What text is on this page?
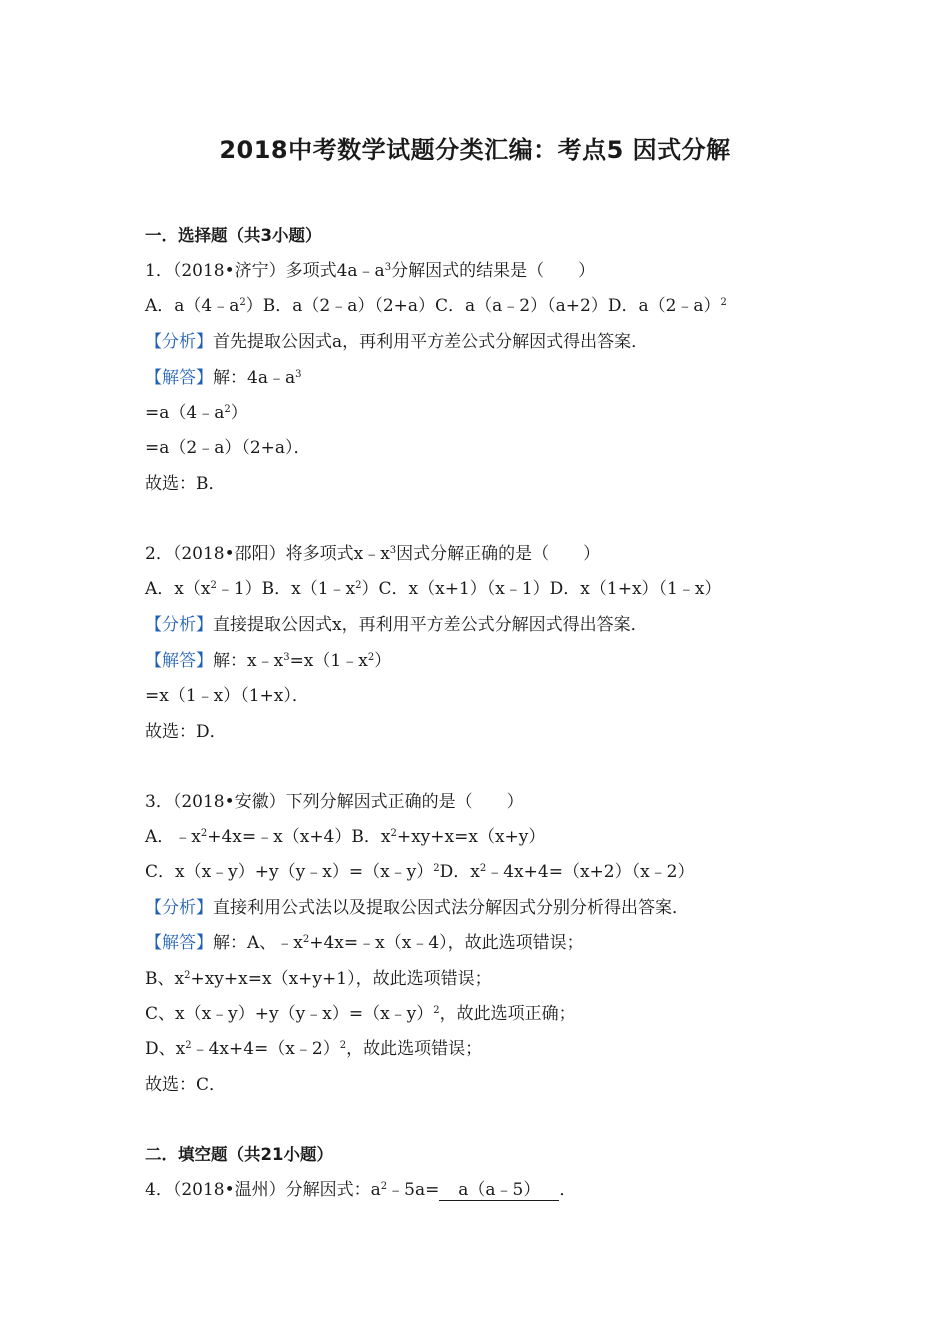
2018中考数学试题分类汇编：考点5 因式分解
一．选择题（共3小题）
1．（2018•济宁）多项式$4a﹣a^3$分解因式的结果是（　　）
A．$a(4﹣a^2)B$．a（2﹣a）（2+a）C．a（a﹣2）（a+2）D．a（2﹣a）$^2$
【分析】首先提取公因式a，再利用平方差公式分解因式得出答案．
【解答】解：$4a﹣a^3$
$=a(4﹣a^2)$
=a（2﹣a）（2+a）．
故选：B．
2．（2018•邵阳）将多项式$x﹣x^3$因式分解正确的是（　　）
A．$x(x^2﹣1)B$．$x(1﹣x^2)C$．x（x+1）（x﹣1）D．x（1+x）（1﹣x）
【分析】直接提取公因式x，再利用平方差公式分解因式得出答案．
【解答】解：$x﹣x^3=x(1﹣x^2)$
=x（1﹣x）（1+x）．
故选：D．
3．（2018•安徽）下列分解因式正确的是（　　）
A．$﹣x^2+4x=﹣x(x+4)B$．$x^2+xy+x=x(x+y)$
C．x（x﹣y）+y（y﹣x）=（x﹣y）$^2$D．$x^2﹣4x+4=(x+2)(x﹣2)$
【分析】直接利用公式法以及提取公因式法分解因式分别分析得出答案．
【解答】解：A、$﹣x^2+4x=﹣x(x﹣4)$，故此选项错误；
B、$x^2+xy+x=x(x+y+1)$，故此选项错误；
C、x（x﹣y）+y（y﹣x）=（x﹣y）$^2$，故此选项正确；
D、$x^2﹣4x+4=(x﹣2)^2$，故此选项错误；
故选：C．
二．填空题（共21小题）
4．（2018•温州）分解因式：$a^2﹣5a=$ a（a﹣5） ．
